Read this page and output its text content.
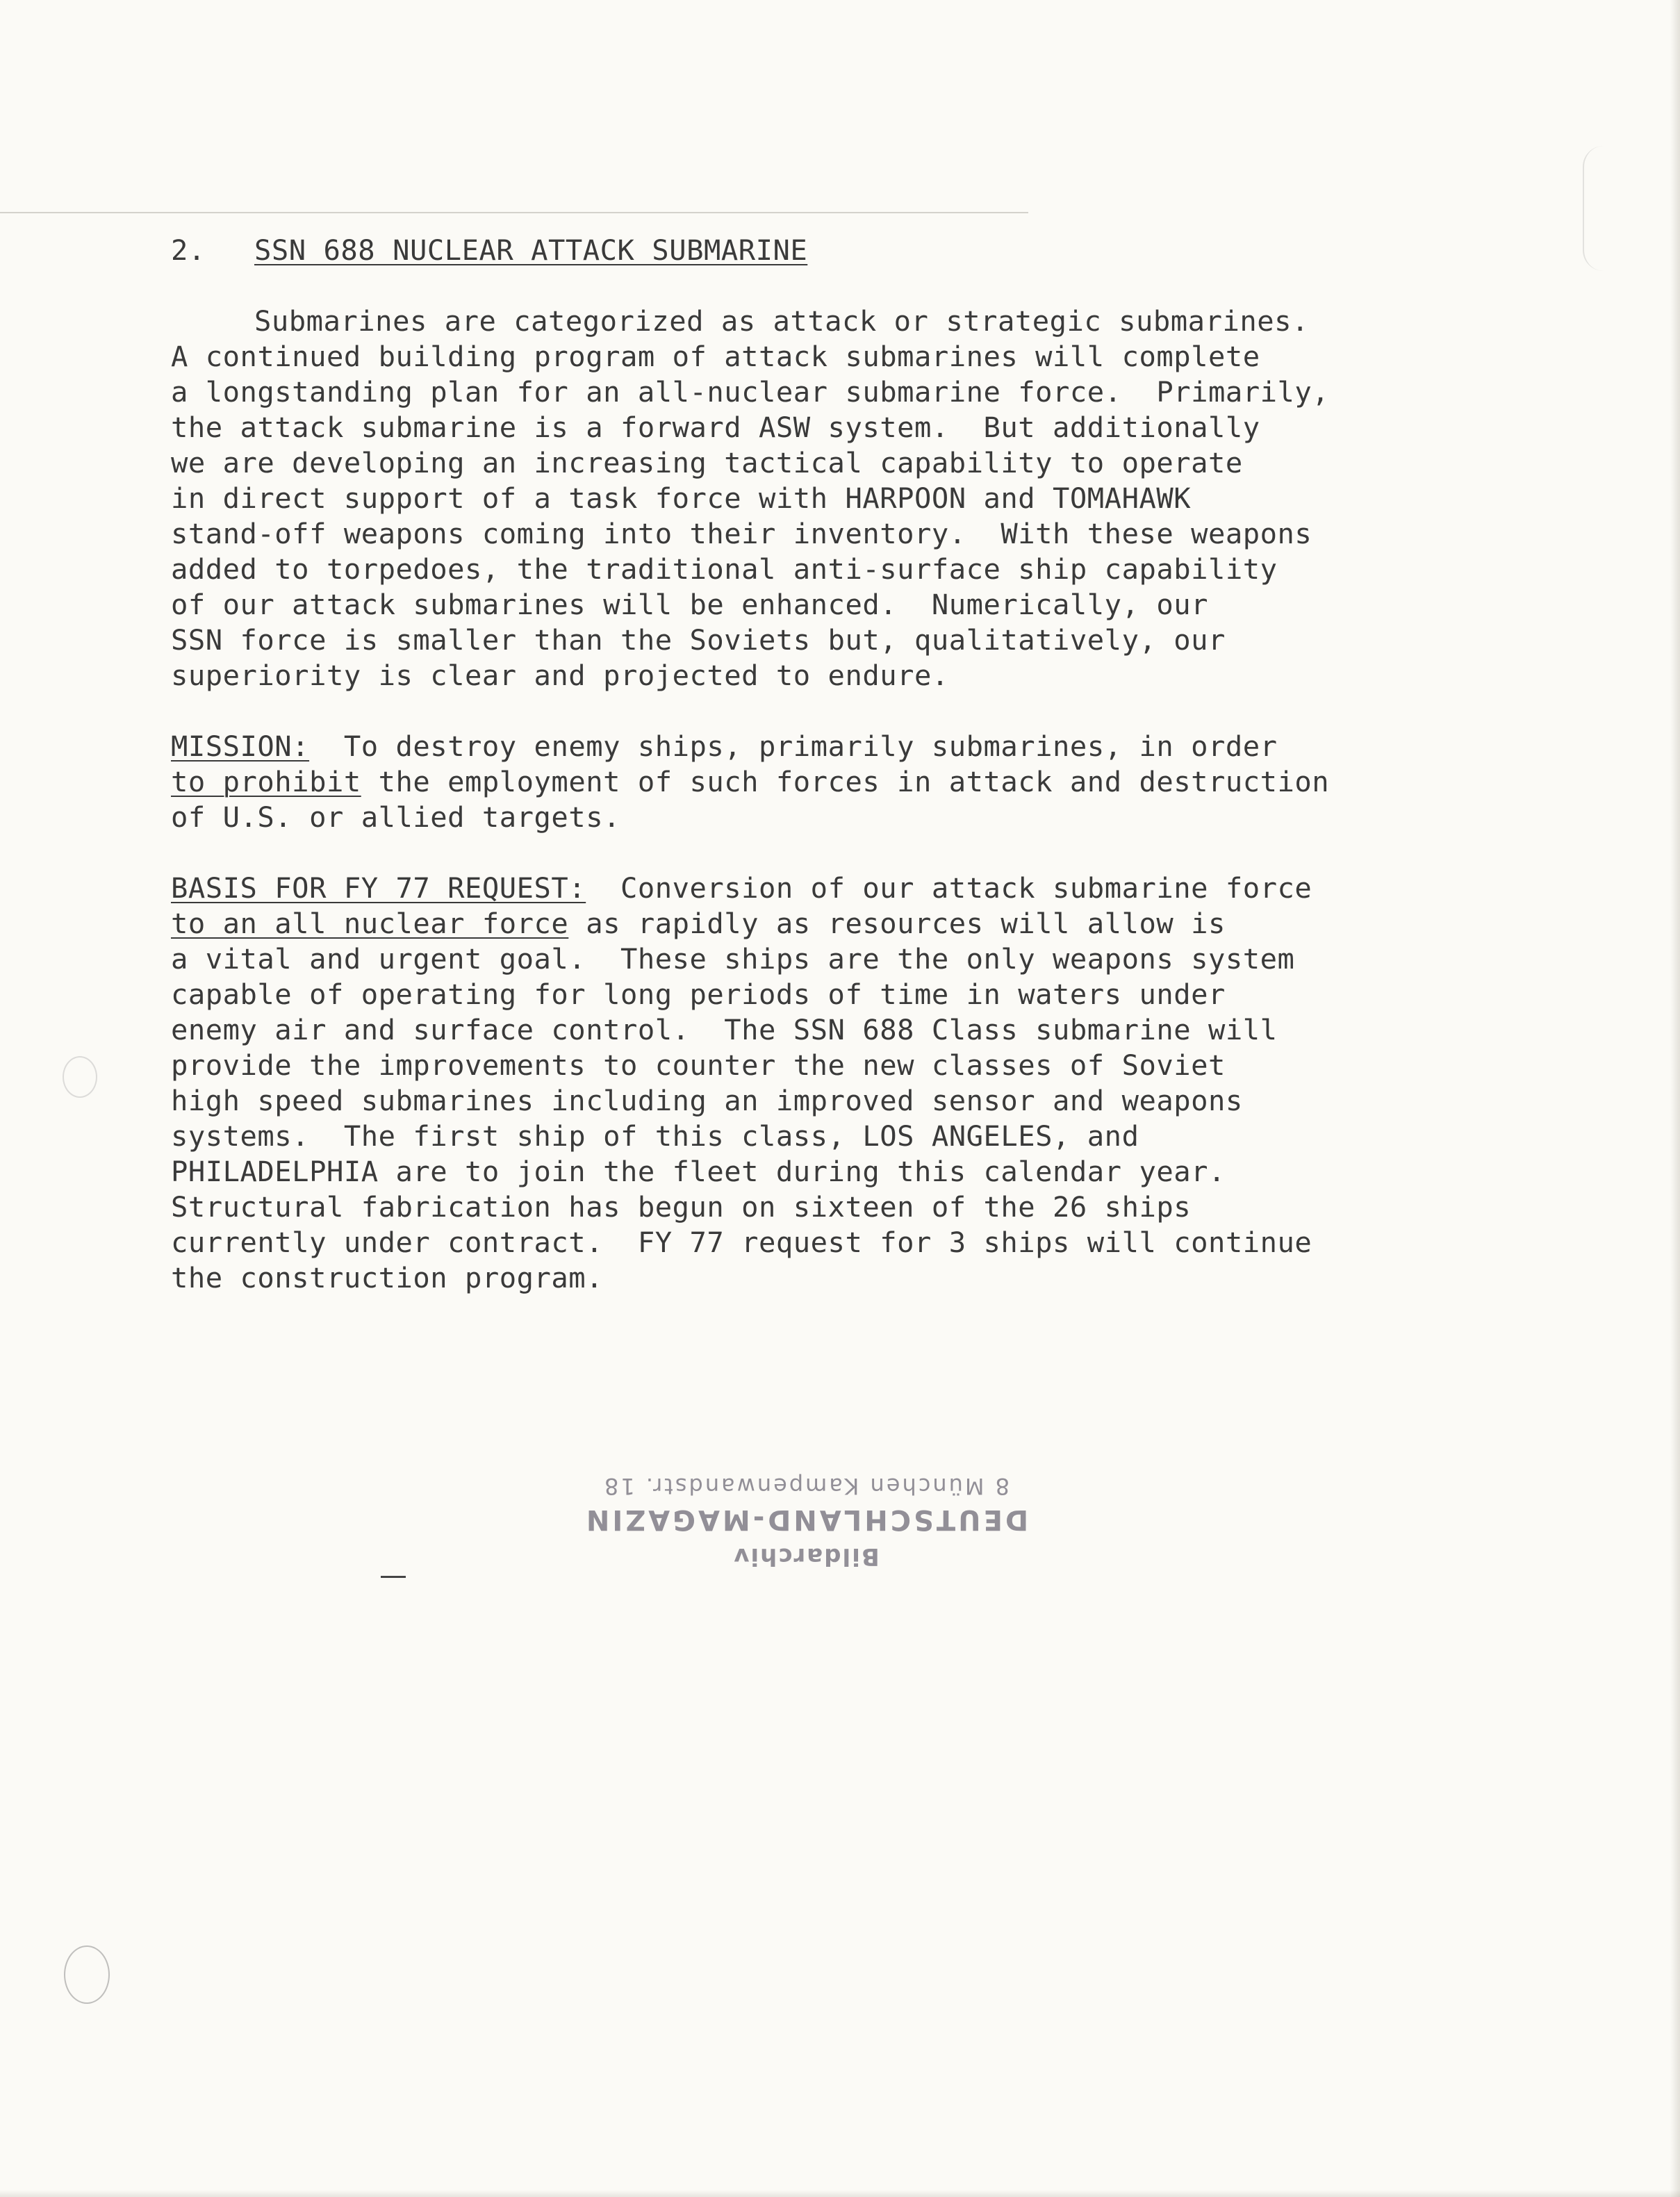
2.	SSN 688 NUCLEAR ATTACK SUBMARINE
Submarines are categorized as attack or strategic submarines.
A continued building program of attack submarines will complete
a longstanding plan for an all-nuclear submarine force.  Primarily,
the attack submarine is a forward ASW system.  But additionally
we are developing an increasing tactical capability to operate
in direct support of a task force with HARPOON and TOMAHAWK
stand-off weapons coming into their inventory.  With these weapons
added to torpedoes, the traditional anti-surface ship capability
of our attack submarines will be enhanced.  Numerically, our
SSN force is smaller than the Soviets but, qualitatively, our
superiority is clear and projected to endure.
MISSION:  To destroy enemy ships, primarily submarines, in order
to prohibit the employment of such forces in attack and destruction
of U.S. or allied targets.
BASIS FOR FY 77 REQUEST:  Conversion of our attack submarine force
to an all nuclear force as rapidly as resources will allow is
a vital and urgent goal.  These ships are the only weapons system
capable of operating for long periods of time in waters under
enemy air and surface control.  The SSN 688 Class submarine will
provide the improvements to counter the new classes of Soviet
high speed submarines including an improved sensor and weapons
systems.  The first ship of this class, LOS ANGELES, and
PHILADELPHIA are to join the fleet during this calendar year.
Structural fabrication has begun on sixteen of the 26 ships
currently under contract.  FY 77 request for 3 ships will continue
the construction program.
Bildarchiv
DEUTSCHLAND-MAGAZIN
8 München Kampenwandstr. 18
